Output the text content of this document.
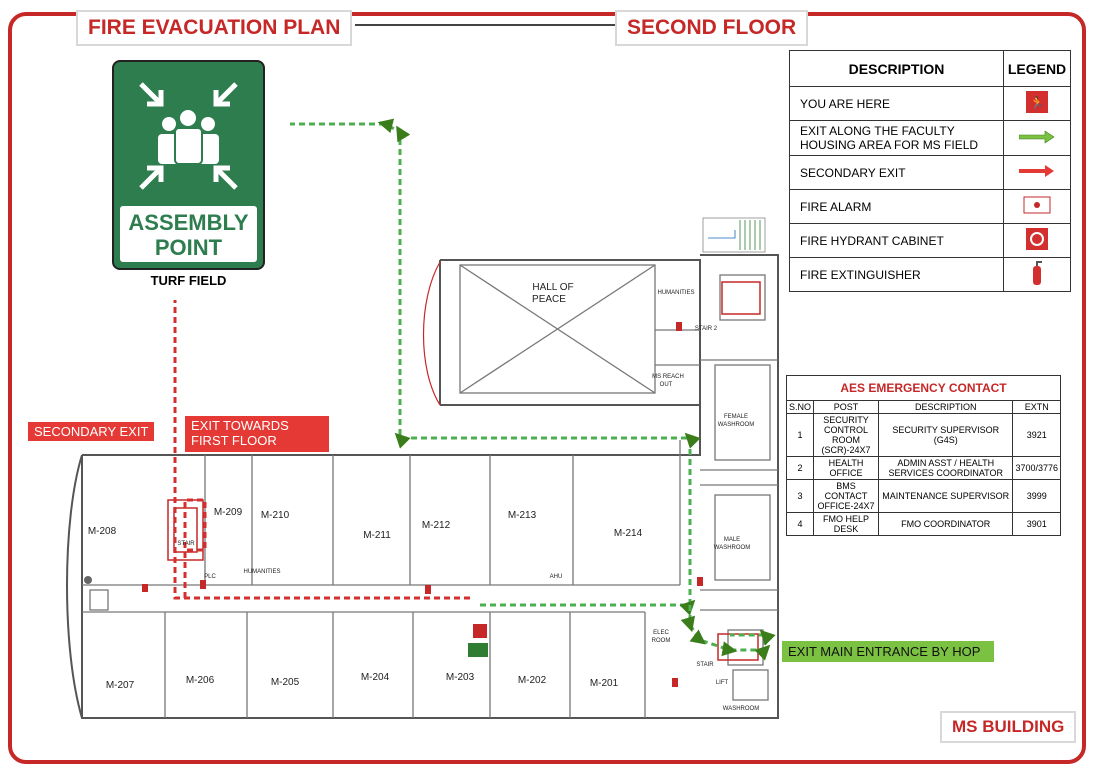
FIRE EVACUATION PLAN	SECOND FLOOR
MS BUILDING
ASSEMBLY
POINT
TURF FIELD	HALL OF
PEACE
M-208
M-209 M-210
M-211
M-212
M-213
M-214
M-207	M-206	M-205	M-204	M-203	M-202	M-201
HUMANITIES
HUMANITIES
STAIR 2
STAIR
STAIR
MS REACH
OUT
FEMALE
WASHROOM
MALE
WASHROOM
ELEC
ROOM
LIFT
WASHROOM
AHU
PLC
SECONDARY EXIT	EXIT TOWARDS
FIRST FLOOR
EXIT MAIN ENTRANCE BY HOP
DESCRIPTION	LEGEND
YOU ARE HERE	🏃

EXIT ALONG THE FACULTY HOUSING AREA FOR MS FIELD	
SECONDARY EXIT	
FIRE ALARM	
FIRE HYDRANT CABINET	
FIRE EXTINGUISHER	
AES EMERGENCY CONTACT			
S.NO	POST	DESCRIPTION	EXTN
1	SECURITY CONTROL ROOM (SCR)-24X7	SECURITY SUPERVISOR (G4S)	3921
2	HEALTH OFFICE	ADMIN ASST / HEALTH SERVICES COORDINATOR	3700/3776
3	BMS CONTACT OFFICE-24X7	MAINTENANCE SUPERVISOR	3999
4	FMO HELP DESK	FMO COORDINATOR	3901
